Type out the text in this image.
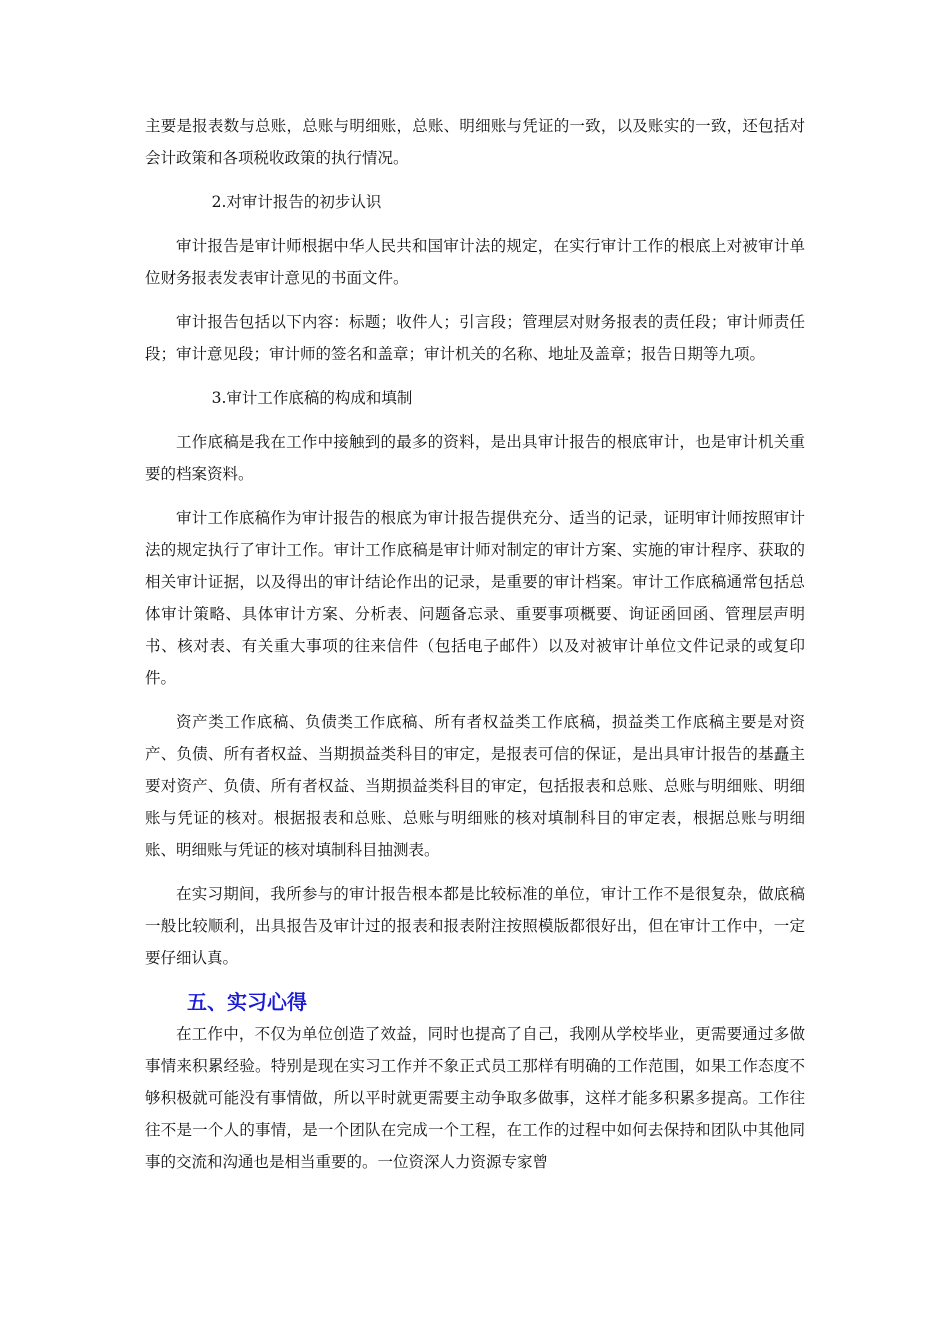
主要是报表数与总账，总账与明细账，总账、明细账与凭证的一致，以及账实的一致，还包括对会计政策和各项税收政策的执行情况。

2.对审计报告的初步认识

审计报告是审计师根据中华人民共和国审计法的规定，在实行审计工作的根底上对被审计单位财务报表发表审计意见的书面文件。

审计报告包括以下内容：标题；收件人；引言段；管理层对财务报表的责任段；审计师责任段；审计意见段；审计师的签名和盖章；审计机关的名称、地址及盖章；报告日期等九项。

3.审计工作底稿的构成和填制

工作底稿是我在工作中接触到的最多的资料，是出具审计报告的根底审计，也是审计机关重要的档案资料。

审计工作底稿作为审计报告的根底为审计报告提供充分、适当的记录，证明审计师按照审计法的规定执行了审计工作。审计工作底稿是审计师对制定的审计方案、实施的审计程序、获取的相关审计证据，以及得出的审计结论作出的记录，是重要的审计档案。审计工作底稿通常包括总体审计策略、具体审计方案、分析表、问题备忘录、重要事项概要、询证函回函、管理层声明书、核对表、有关重大事项的往来信件（包括电子邮件）以及对被审计单位文件记录的或复印件。

资产类工作底稿、负债类工作底稿、所有者权益类工作底稿，损益类工作底稿主要是对资产、负债、所有者权益、当期损益类科目的审定，是报表可信的保证，是出具审计报告的基矗主要对资产、负债、所有者权益、当期损益类科目的审定，包括报表和总账、总账与明细账、明细账与凭证的核对。根据报表和总账、总账与明细账的核对填制科目的审定表，根据总账与明细账、明细账与凭证的核对填制科目抽测表。

在实习期间，我所参与的审计报告根本都是比较标准的单位，审计工作不是很复杂，做底稿一般比较顺利，出具报告及审计过的报表和报表附注按照模版都很好出，但在审计工作中，一定要仔细认真。

五、实习心得

在工作中，不仅为单位创造了效益，同时也提高了自己，我刚从学校毕业，更需要通过多做事情来积累经验。特别是现在实习工作并不象正式员工那样有明确的工作范围，如果工作态度不够积极就可能没有事情做，所以平时就更需要主动争取多做事，这样才能多积累多提高。工作往往不是一个人的事情，是一个团队在完成一个工程，在工作的过程中如何去保持和团队中其他同事的交流和沟通也是相当重要的。一位资深人力资源专家曾
